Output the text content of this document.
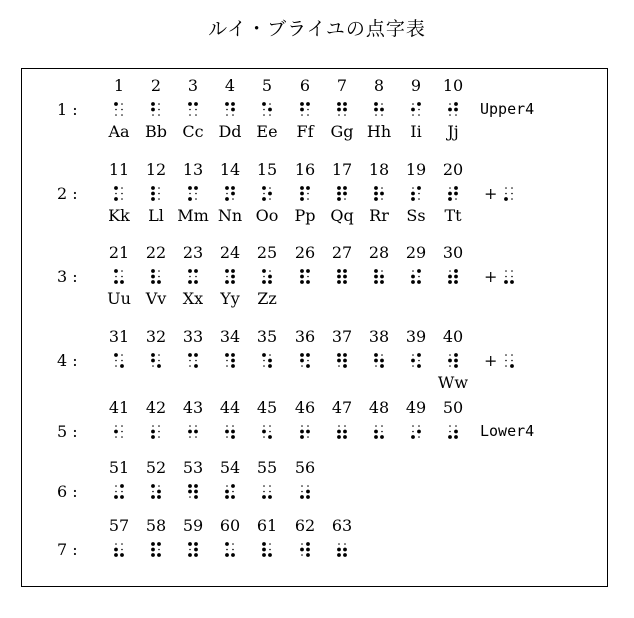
ルイ・ブライユの点字表
1 :
1
Aa
2
Bb
3
Cc
4
Dd
5
Ee
6
Ff
7
Gg
8
Hh
9
Ii
10
Jj
Upper4
2 :
11
Kk
12
Ll
13
Mm
14
Nn
15
Oo
16
Pp
17
Qq
18
Rr
19
Ss
20
Tt
+
3 :
21
Uu
22
Vv
23
Xx
24
Yy
25
Zz
26 27 28 29 30
+
4 :
31 32 33 34 35 36 37 38 39 40
Ww
+
5 :
41 42 43 44 45 46 47 48 49 50
Lower4
6 :
51 52 53 54 55 56
7 :
57 58 59 60 61 62 63
